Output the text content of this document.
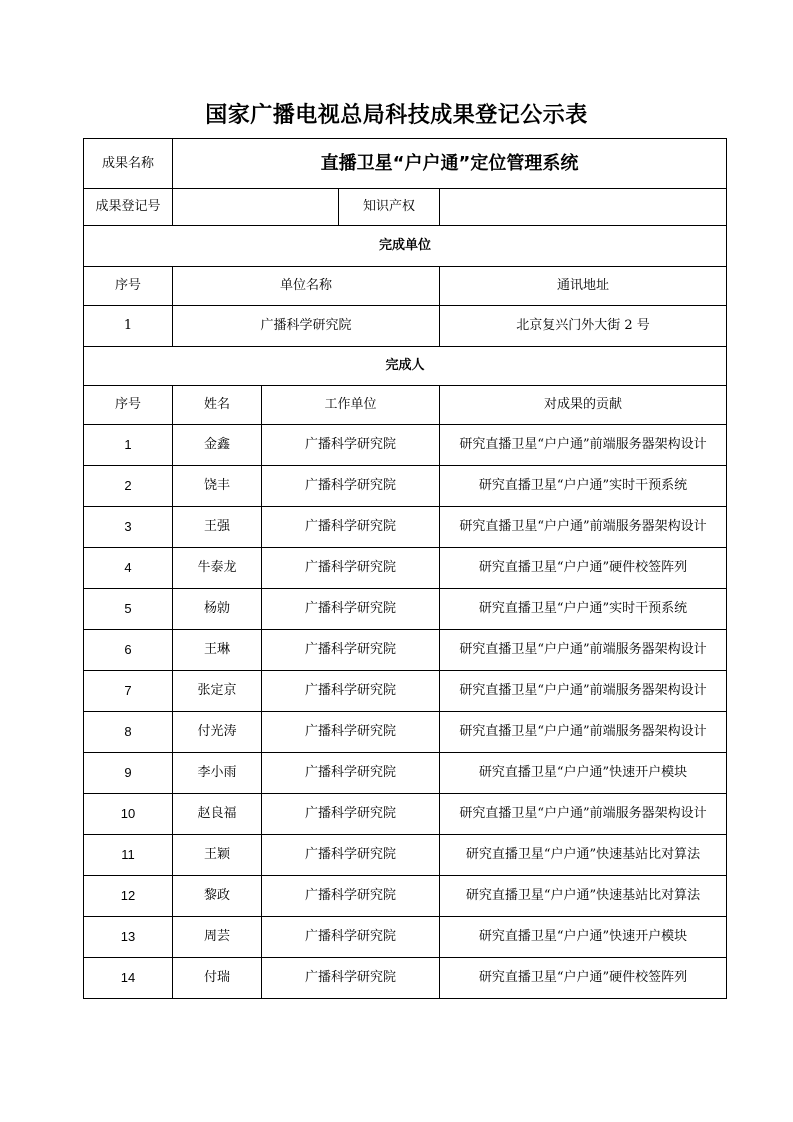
国家广播电视总局科技成果登记公示表
成果名称	直播卫星“户户通”定位管理系统			
成果登记号			知识产权	
完成单位				
序号	单位名称			通讯地址
1	广播科学研究院			北京复兴门外大街 2 号
完成人				
序号	姓名	工作单位		对成果的贡献
1	金鑫	广播科学研究院		研究直播卫星“户户通”前端服务器架构设计
2	饶丰	广播科学研究院		研究直播卫星“户户通”实时干预系统
3	王强	广播科学研究院		研究直播卫星“户户通”前端服务器架构设计
4	牛泰龙	广播科学研究院		研究直播卫星“户户通”硬件校签阵列
5	杨勍	广播科学研究院		研究直播卫星“户户通”实时干预系统
6	王琳	广播科学研究院		研究直播卫星“户户通”前端服务器架构设计
7	张定京	广播科学研究院		研究直播卫星“户户通”前端服务器架构设计
8	付光涛	广播科学研究院		研究直播卫星“户户通”前端服务器架构设计
9	李小雨	广播科学研究院		研究直播卫星“户户通”快速开户模块
10	赵良福	广播科学研究院		研究直播卫星“户户通”前端服务器架构设计
11	王颖	广播科学研究院		研究直播卫星“户户通”快速基站比对算法
12	黎政	广播科学研究院		研究直播卫星“户户通”快速基站比对算法
13	周芸	广播科学研究院		研究直播卫星“户户通”快速开户模块
14	付瑞	广播科学研究院		研究直播卫星“户户通”硬件校签阵列
